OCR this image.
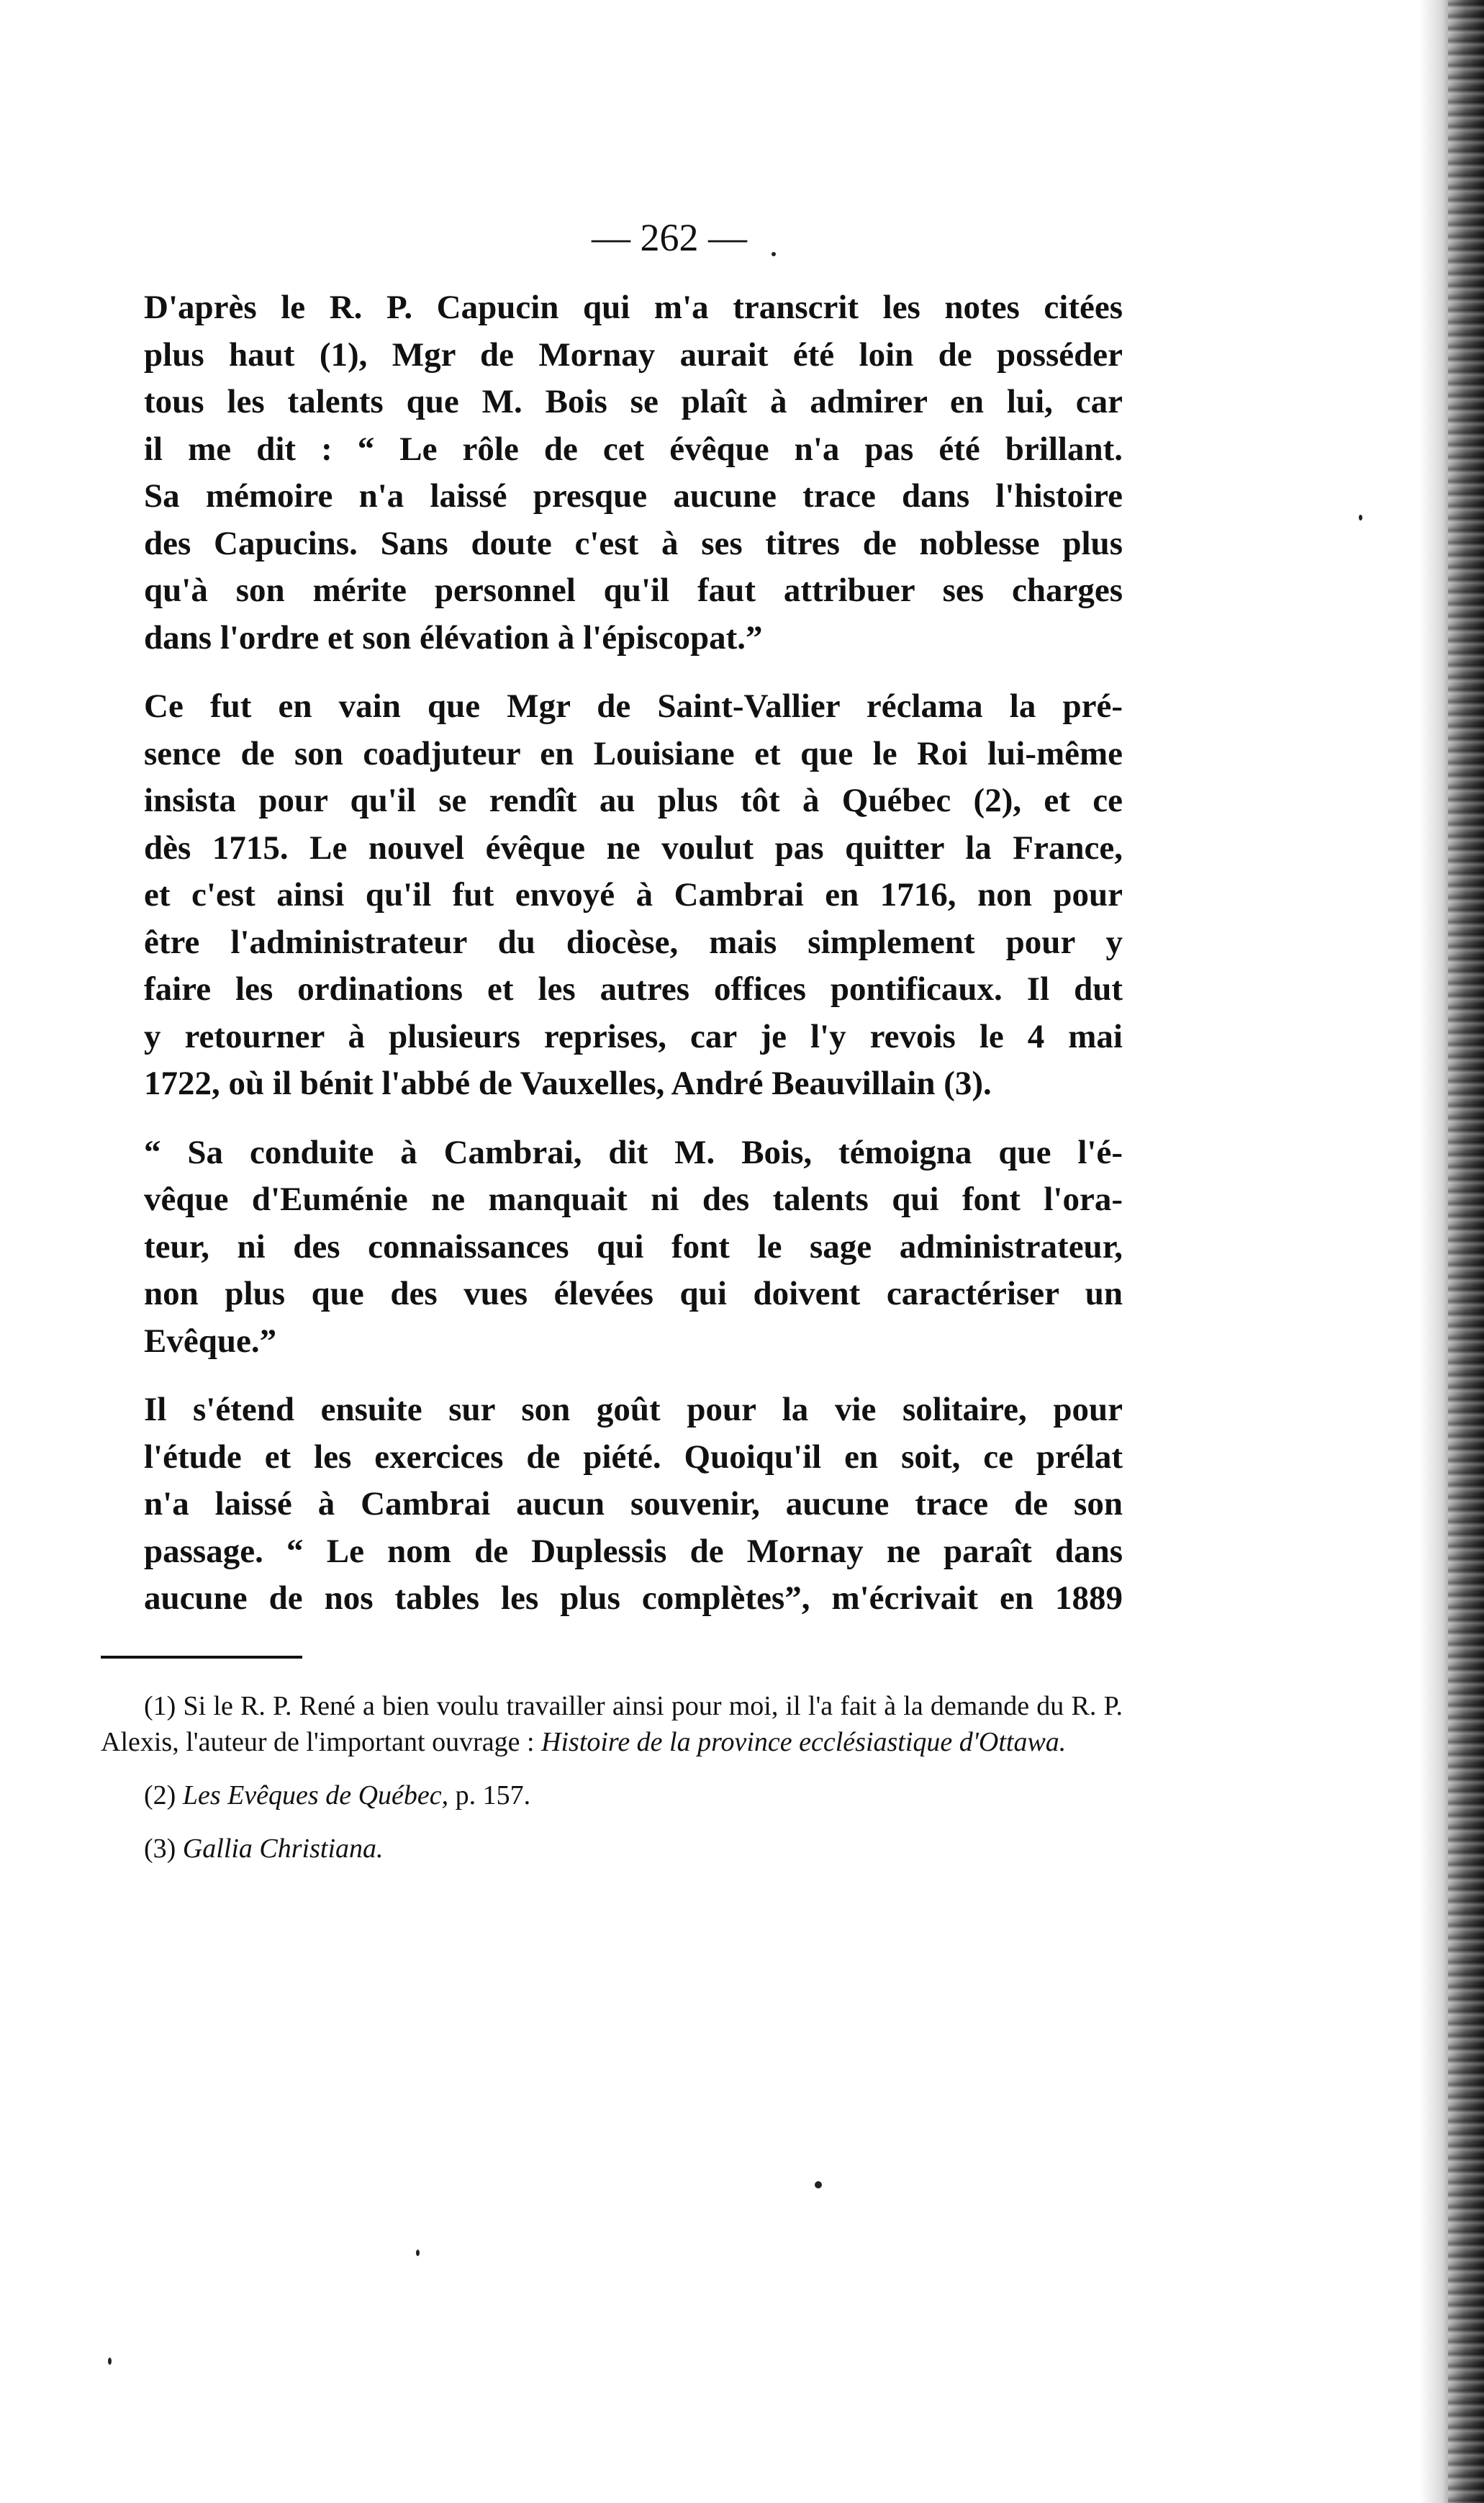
— 262 —

D'après le R. P. Capucin qui m'a transcrit les notes citées
plus haut (1), Mgr de Mornay aurait été loin de posséder
tous les talents que M. Bois se plaît à admirer en lui, car
il me dit : “ Le rôle de cet évêque n'a pas été brillant.
Sa mémoire n'a laissé presque aucune trace dans l'histoire
des Capucins. Sans doute c'est à ses titres de noblesse plus
qu'à son mérite personnel qu'il faut attribuer ses charges
dans l'ordre et son élévation à l'épiscopat.”

Ce fut en vain que Mgr de Saint-Vallier réclama la pré-
sence de son coadjuteur en Louisiane et que le Roi lui-même
insista pour qu'il se rendît au plus tôt à Québec (2), et ce
dès 1715. Le nouvel évêque ne voulut pas quitter la France,
et c'est ainsi qu'il fut envoyé à Cambrai en 1716, non pour
être l'administrateur du diocèse, mais simplement pour y
faire les ordinations et les autres offices pontificaux. Il dut
y retourner à plusieurs reprises, car je l'y revois le 4 mai
1722, où il bénit l'abbé de Vauxelles, André Beauvillain (3).

“ Sa conduite à Cambrai, dit M. Bois, témoigna que l'é-
vêque d'Euménie ne manquait ni des talents qui font l'ora-
teur, ni des connaissances qui font le sage administrateur,
non plus que des vues élevées qui doivent caractériser un
Evêque.”

Il s'étend ensuite sur son goût pour la vie solitaire, pour
l'étude et les exercices de piété. Quoiqu'il en soit, ce prélat
n'a laissé à Cambrai aucun souvenir, aucune trace de son
passage. “ Le nom de Duplessis de Mornay ne paraît dans
aucune de nos tables les plus complètes”, m'écrivait en 1889

(1) Si le R. P. René a bien voulu travailler ainsi pour moi, il l'a fait à la demande du R. P. Alexis, l'auteur de l'important ouvrage : Histoire de la province ecclésiastique d'Ottawa.

(2) Les Evêques de Québec, p. 157.

(3) Gallia Christiana.
